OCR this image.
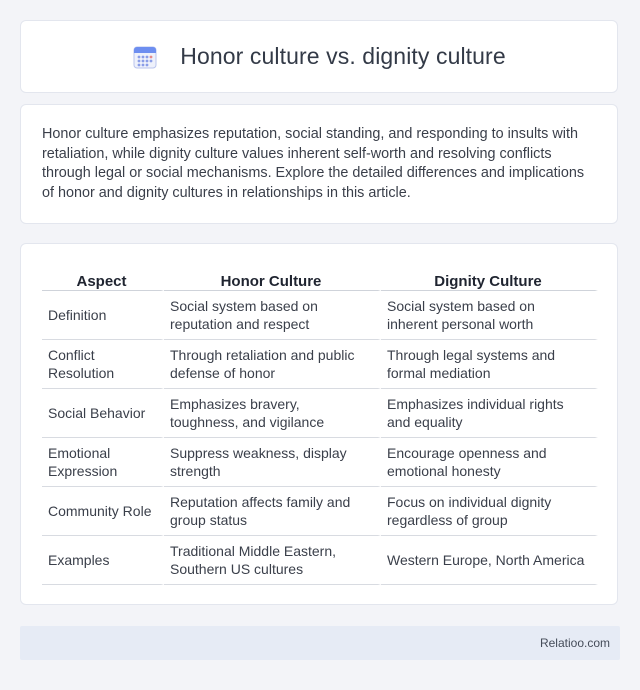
Honor culture vs. dignity culture

Honor culture emphasizes reputation, social standing, and responding to insults with retaliation, while dignity culture values inherent self-worth and resolving conflicts through legal or social mechanisms. Explore the detailed differences and implications of honor and dignity cultures in relationships in this article.

Aspect	Honor Culture	Dignity Culture
Definition	Social system based on reputation and respect	Social system based on inherent personal worth
Conflict Resolution	Through retaliation and public defense of honor	Through legal systems and formal mediation
Social Behavior	Emphasizes bravery, toughness, and vigilance	Emphasizes individual rights and equality
Emotional Expression	Suppress weakness, display strength	Encourage openness and emotional honesty
Community Role	Reputation affects family and group status	Focus on individual dignity regardless of group
Examples	Traditional Middle Eastern, Southern US cultures	Western Europe, North America
Relatioo.com
